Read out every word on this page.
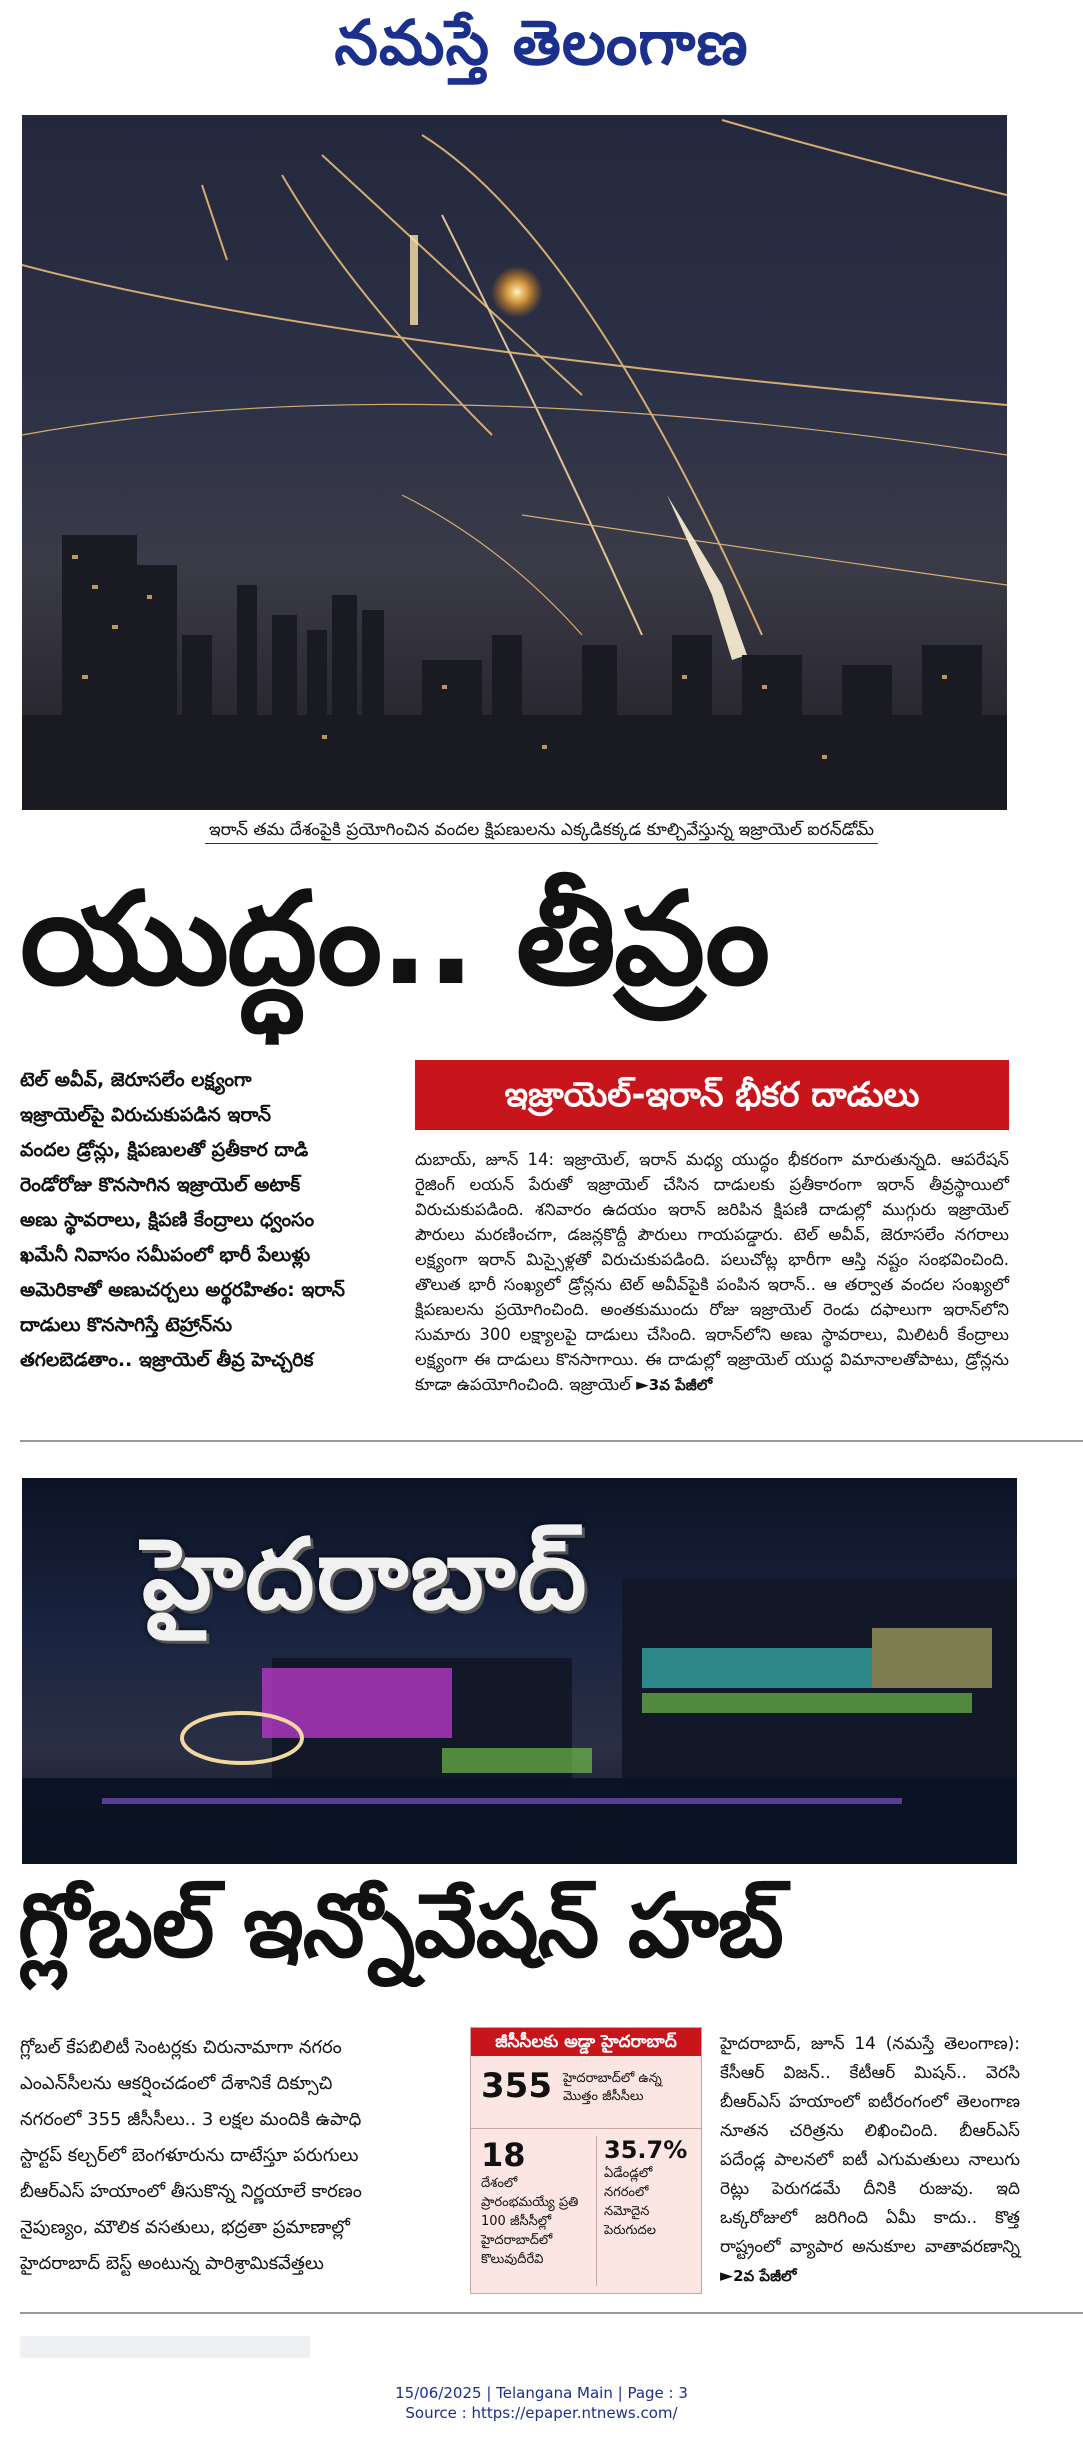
నమస్తే తెలంగాణ
ఇరాన్ తమ దేశంపైకి ప్రయోగించిన వందల క్షిపణులను ఎక్కడికక్కడ కూల్చివేస్తున్న ఇజ్రాయెల్ ఐరన్‌డోమ్
యుద్ధం.. తీవ్రం
టెల్ అవీవ్, జెరూసలేం లక్ష్యంగా
ఇజ్రాయెల్‌పై విరుచుకుపడిన ఇరాన్
వందల డ్రోన్లు, క్షిపణులతో ప్రతీకార దాడి
రెండోరోజు కొనసాగిన ఇజ్రాయెల్ అటాక్
అణు స్థావరాలు, క్షిపణి కేంద్రాలు ధ్వంసం
ఖమేనీ నివాసం సమీపంలో భారీ పేలుళ్లు
అమెరికాతో అణుచర్చలు అర్థరహితం: ఇరాన్
దాడులు కొనసాగిస్తే టెహ్రాన్‌ను
తగలబెడతాం.. ఇజ్రాయెల్ తీవ్ర హెచ్చరిక
ఇజ్రాయెల్-ఇరాన్ భీకర దాడులు
దుబాయ్, జూన్ 14: ఇజ్రాయెల్, ఇరాన్ మధ్య యుద్ధం భీకరంగా మారుతున్నది. ఆపరేషన్ రైజింగ్ లయన్ పేరుతో ఇజ్రాయెల్ చేసిన దాడులకు ప్రతీకారంగా ఇరాన్ తీవ్రస్థాయిలో విరుచుకుపడింది. శనివారం ఉదయం ఇరాన్ జరిపిన క్షిపణి దాడుల్లో ముగ్గురు ఇజ్రాయెల్ పౌరులు మరణించగా, డజన్లకొద్దీ పౌరులు గాయపడ్డారు. టెల్ అవీవ్, జెరూసలేం నగరాలు లక్ష్యంగా ఇరాన్ మిస్సైళ్లతో విరుచుకుపడింది. పలుచోట్ల భారీగా ఆస్తి నష్టం సంభవించింది. తొలుత భారీ సంఖ్యలో డ్రోన్లను టెల్ అవీవ్‌పైకి పంపిన ఇరాన్.. ఆ తర్వాత వందల సంఖ్యలో క్షిపణులను ప్రయోగించింది. అంతకుముందు రోజు ఇజ్రాయెల్ రెండు దఫాలుగా ఇరాన్‌లోని సుమారు 300 లక్ష్యాలపై దాడులు చేసింది. ఇరాన్‌లోని అణు స్థావరాలు, మిలిటరీ కేంద్రాలు లక్ష్యంగా ఈ దాడులు కొనసాగాయి. ఈ దాడుల్లో ఇజ్రాయెల్ యుద్ధ విమానాలతోపాటు, డ్రోన్లను కూడా ఉపయోగించింది. ఇజ్రాయెల్ ►3వ పేజీలో
హైదరాబాద్
గ్లోబల్ ఇన్నోవేషన్ హబ్
గ్లోబల్ కేపబిలిటీ సెంటర్లకు చిరునామాగా నగరం
ఎంఎన్‌సీలను ఆకర్షించడంలో దేశానికే దిక్సూచి
నగరంలో 355 జీసీసీలు.. 3 లక్షల మందికి ఉపాధి
స్టార్టప్ కల్చర్‌లో బెంగళూరును దాటేస్తూ పరుగులు
బీఆర్ఎస్ హయాంలో తీసుకొన్న నిర్ణయాలే కారణం
నైపుణ్యం, మౌలిక వసతులు, భద్రతా ప్రమాణాల్లో
హైదరాబాద్ బెస్ట్ అంటున్న పారిశ్రామికవేత్తలు
జీసీసీలకు అడ్డా హైదరాబాద్
355 హైదరాబాద్‌లో ఉన్న మొత్తం జీసీసీలు
18
దేశంలో ప్రారంభమయ్యే ప్రతి 100 జీసీసీల్లో హైదరాబాద్‌లో కొలువుదీరేవి
35.7%
ఏడేండ్లలో నగరంలో నమోదైన పెరుగుదల
హైదరాబాద్, జూన్ 14 (నమస్తే తెలంగాణ): కేసీఆర్ విజన్.. కేటీఆర్ మిషన్.. వెరసి బీఆర్ఎస్ హయాంలో ఐటీరంగంలో తెలంగాణ నూతన చరిత్రను లిఖించింది. బీఆర్ఎస్ పదేండ్ల పాలనలో ఐటీ ఎగుమతులు నాలుగు రెట్లు పెరుగడమే దీనికి రుజువు. ఇది ఒక్కరోజులో జరిగింది ఏమీ కాదు.. కొత్త రాష్ట్రంలో వ్యాపార అనుకూల వాతావరణాన్ని ►2వ పేజీలో
15/06/2025 | Telangana Main | Page : 3
Source : https://epaper.ntnews.com/
